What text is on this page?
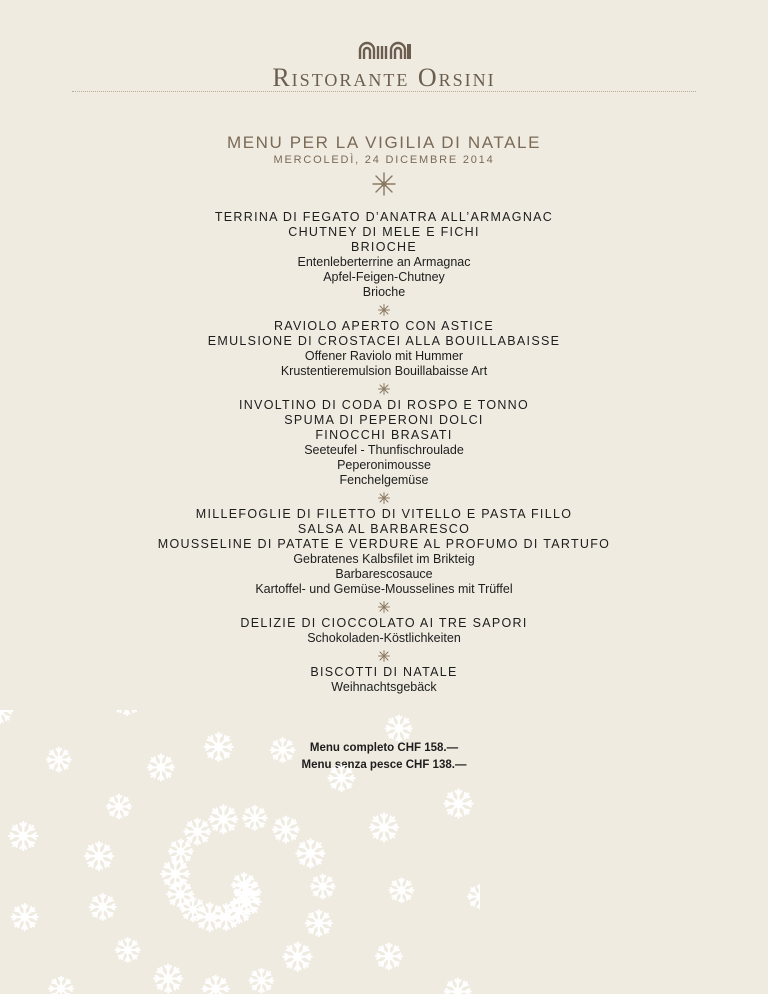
Ristorante Orsini
MENU PER LA VIGILIA DI NATALE
MERCOLEDÌ, 24 DICEMBRE 2014
TERRINA DI FEGATO D’ANATRA ALL’ARMAGNAC
CHUTNEY DI MELE E FICHI
BRIOCHE
Entenleberterrine an Armagnac
Apfel-Feigen-Chutney
Brioche
RAVIOLO APERTO CON ASTICE
EMULSIONE DI CROSTACEI ALLA BOUILLABAISSE
Offener Raviolo mit Hummer
Krustentieremulsion Bouillabaisse Art
INVOLTINO DI CODA DI ROSPO E TONNO
SPUMA DI PEPERONI DOLCI
FINOCCHI BRASATI
Seeteufel - Thunfischroulade
Peperonimousse
Fenchelgemüse
MILLEFOGLIE DI FILETTO DI VITELLO E PASTA FILLO
SALSA AL BARBARESCO
MOUSSELINE DI PATATE E VERDURE AL PROFUMO DI TARTUFO
Gebratenes Kalbsfilet im Brikteig
Barbarescosauce
Kartoffel- und Gemüse-Mousselines mit Trüffel
DELIZIE DI CIOCCOLATO AI TRE SAPORI
Schokoladen-Köstlichkeiten
BISCOTTI DI NATALE
Weihnachtsgebäck
Menu completo CHF 158.—
Menu senza pesce CHF 138.—
